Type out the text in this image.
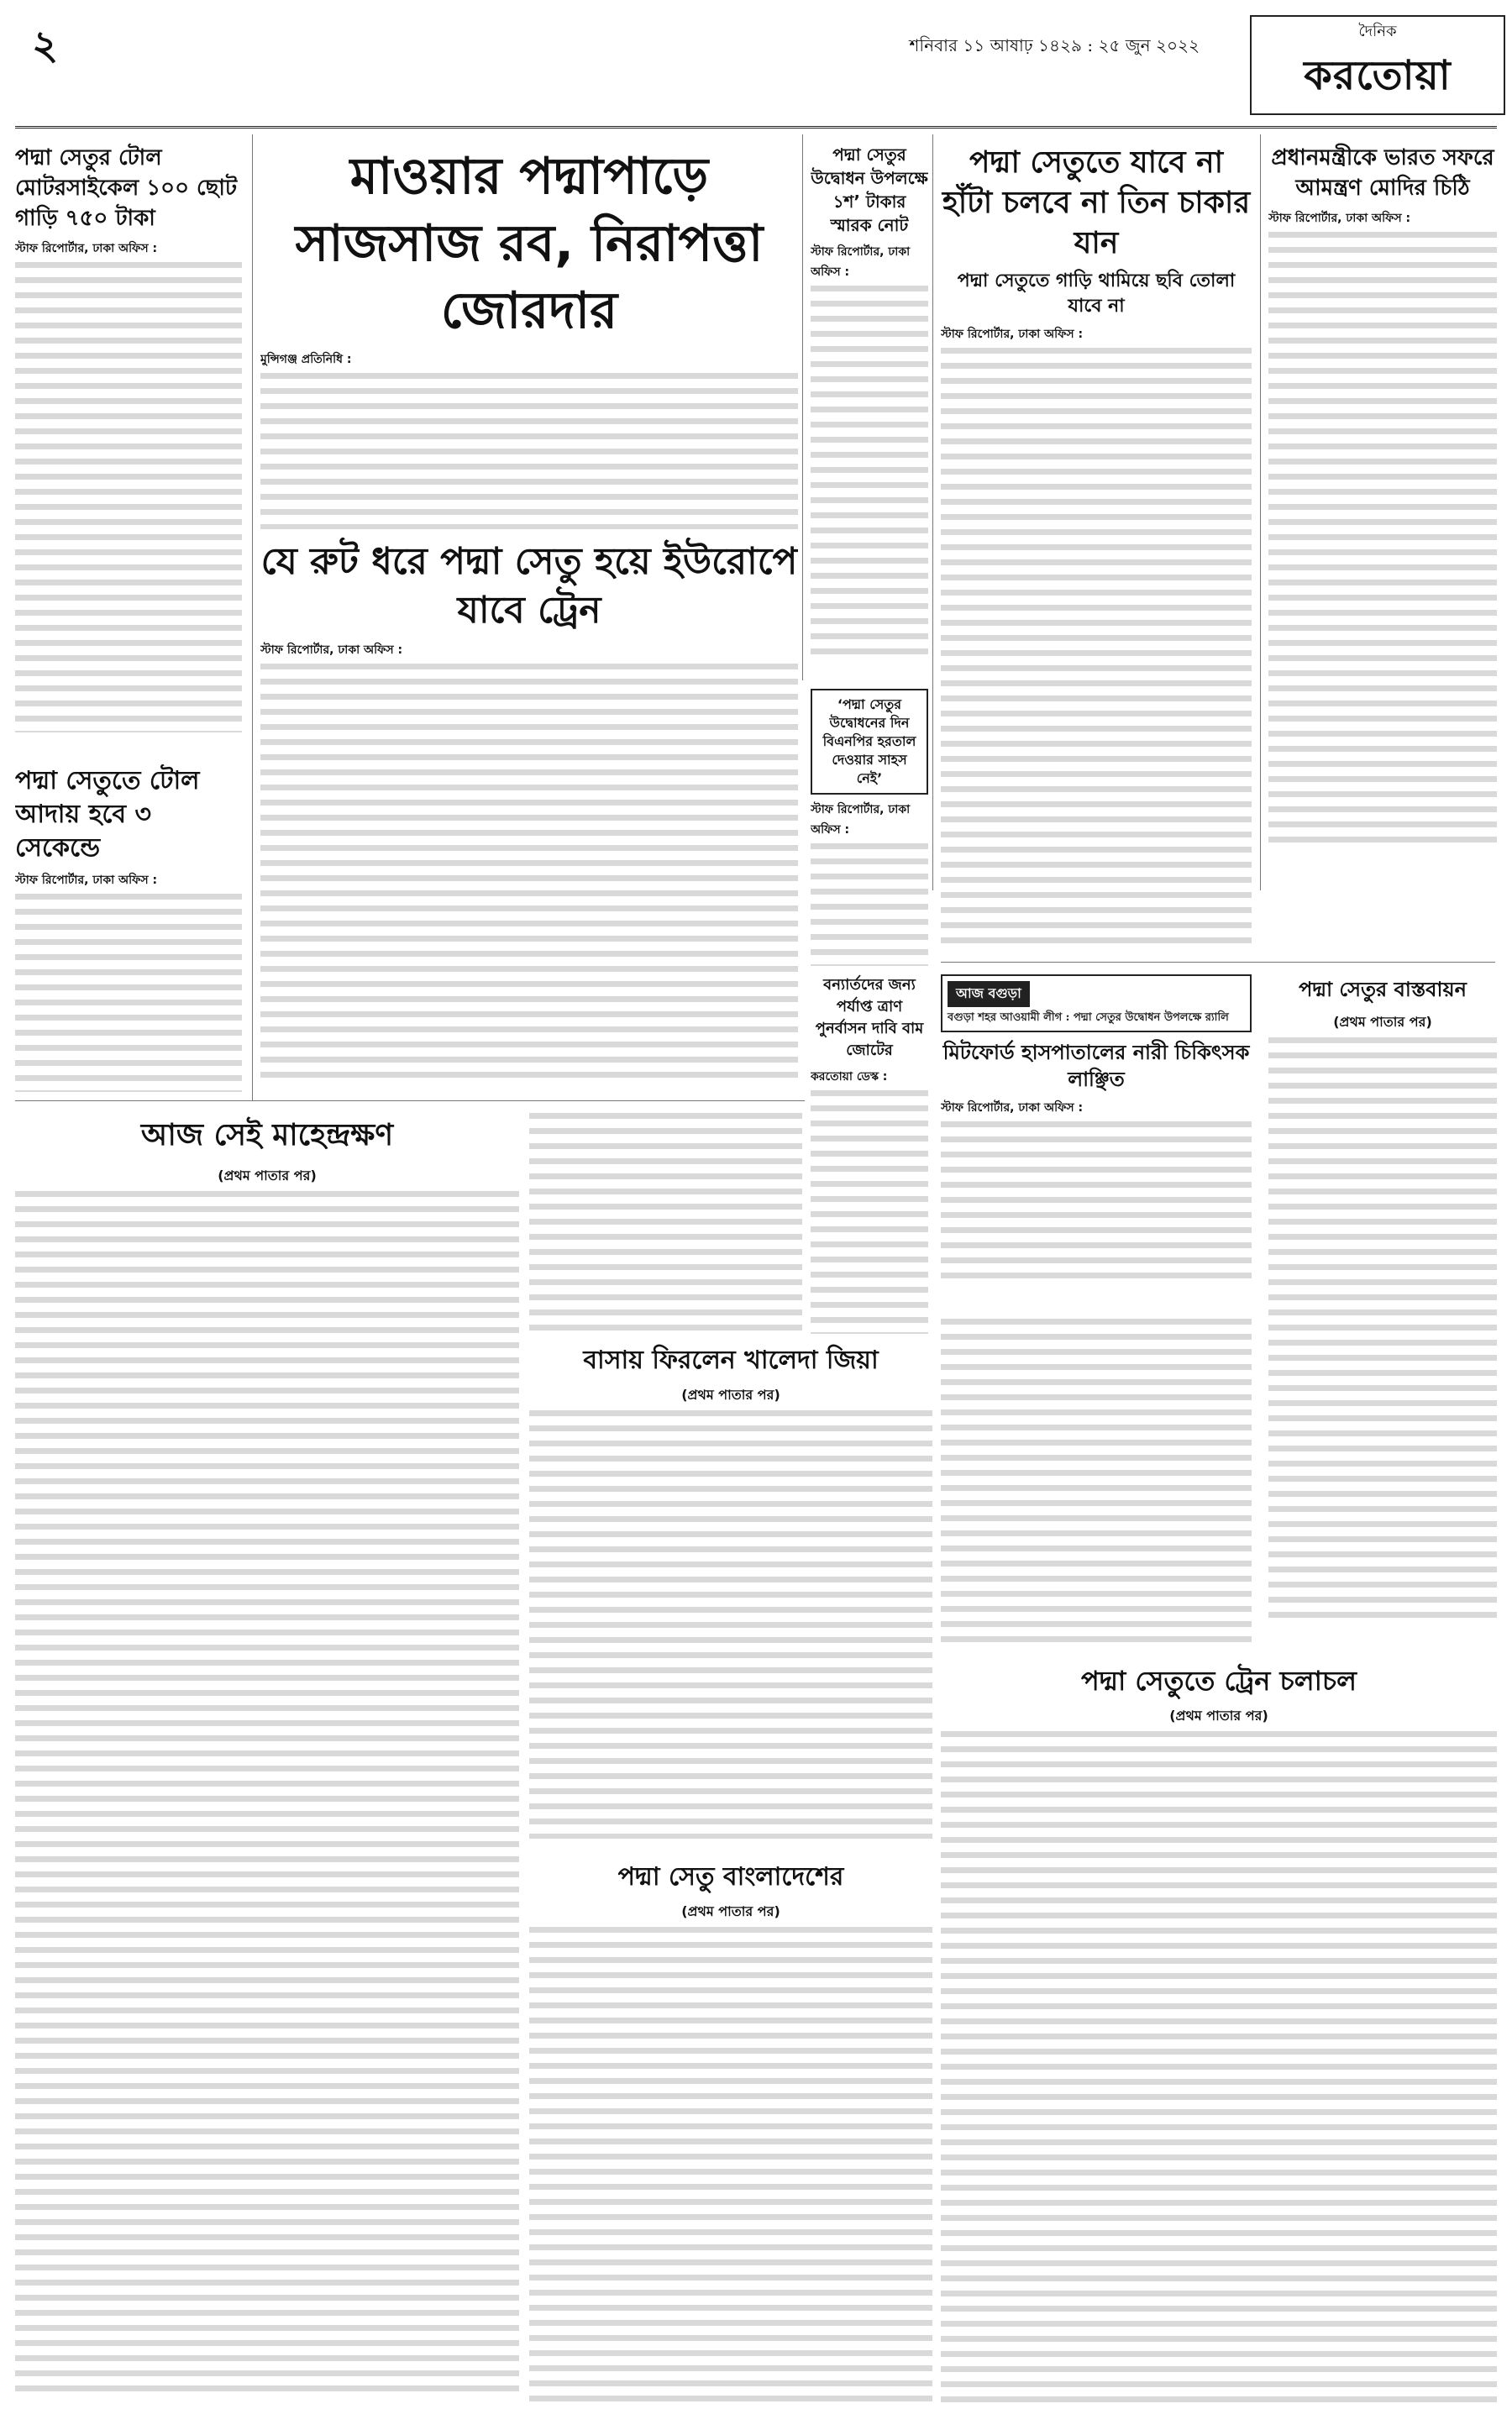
২	শনিবার ১১ আষাঢ় ১৪২৯ : ২৫ জুন ২০২২
দৈনিক
করতোয়া
পদ্মা সেতুর টোল মোটরসাইকেল ১০০ ছোট গাড়ি ৭৫০ টাকা
স্টাফ রিপোর্টার, ঢাকা অফিস :
পদ্মা সেতুতে টোল আদায় হবে ৩ সেকেন্ডে
স্টাফ রিপোর্টার, ঢাকা অফিস :
মাওয়ার পদ্মাপাড়ে সাজসাজ রব, নিরাপত্তা জোরদার
মুন্সিগঞ্জ প্রতিনিধি :
যে রুট ধরে পদ্মা সেতু হয়ে ইউরোপে যাবে ট্রেন
স্টাফ রিপোর্টার, ঢাকা অফিস :
পদ্মা সেতুর উদ্বোধন উপলক্ষে ১শ’ টাকার স্মারক নোট
স্টাফ রিপোর্টার, ঢাকা অফিস :
পদ্মা সেতুতে যাবে না হাঁটা চলবে না তিন চাকার যান
পদ্মা সেতুতে গাড়ি থামিয়ে ছবি তোলা যাবে না
স্টাফ রিপোর্টার, ঢাকা অফিস :
প্রধানমন্ত্রীকে ভারত সফরে আমন্ত্রণ মোদির চিঠি
স্টাফ রিপোর্টার, ঢাকা অফিস :
‘পদ্মা সেতুর উদ্বোধনের দিন বিএনপির হরতাল দেওয়ার সাহস নেই’
স্টাফ রিপোর্টার, ঢাকা অফিস :
বন্যার্তদের জন্য পর্যাপ্ত ত্রাণ পুনর্বাসন দাবি বাম জোটের
করতোয়া ডেস্ক :
আজ বগুড়া
বগুড়া শহর আওয়ামী লীগ : পদ্মা সেতুর উদ্বোধন উপলক্ষে র‍্যালি
মিটফোর্ড হাসপাতালের নারী চিকিৎসক লাঞ্ছিত
স্টাফ রিপোর্টার, ঢাকা অফিস :
পদ্মা সেতুর বাস্তবায়ন
(প্রথম পাতার পর)
আজ সেই মাহেন্দ্রক্ষণ
(প্রথম পাতার পর)
বাসায় ফিরলেন খালেদা জিয়া
(প্রথম পাতার পর)
পদ্মা সেতু বাংলাদেশের
(প্রথম পাতার পর)
পদ্মা সেতুতে ট্রেন চলাচল
(প্রথম পাতার পর)
